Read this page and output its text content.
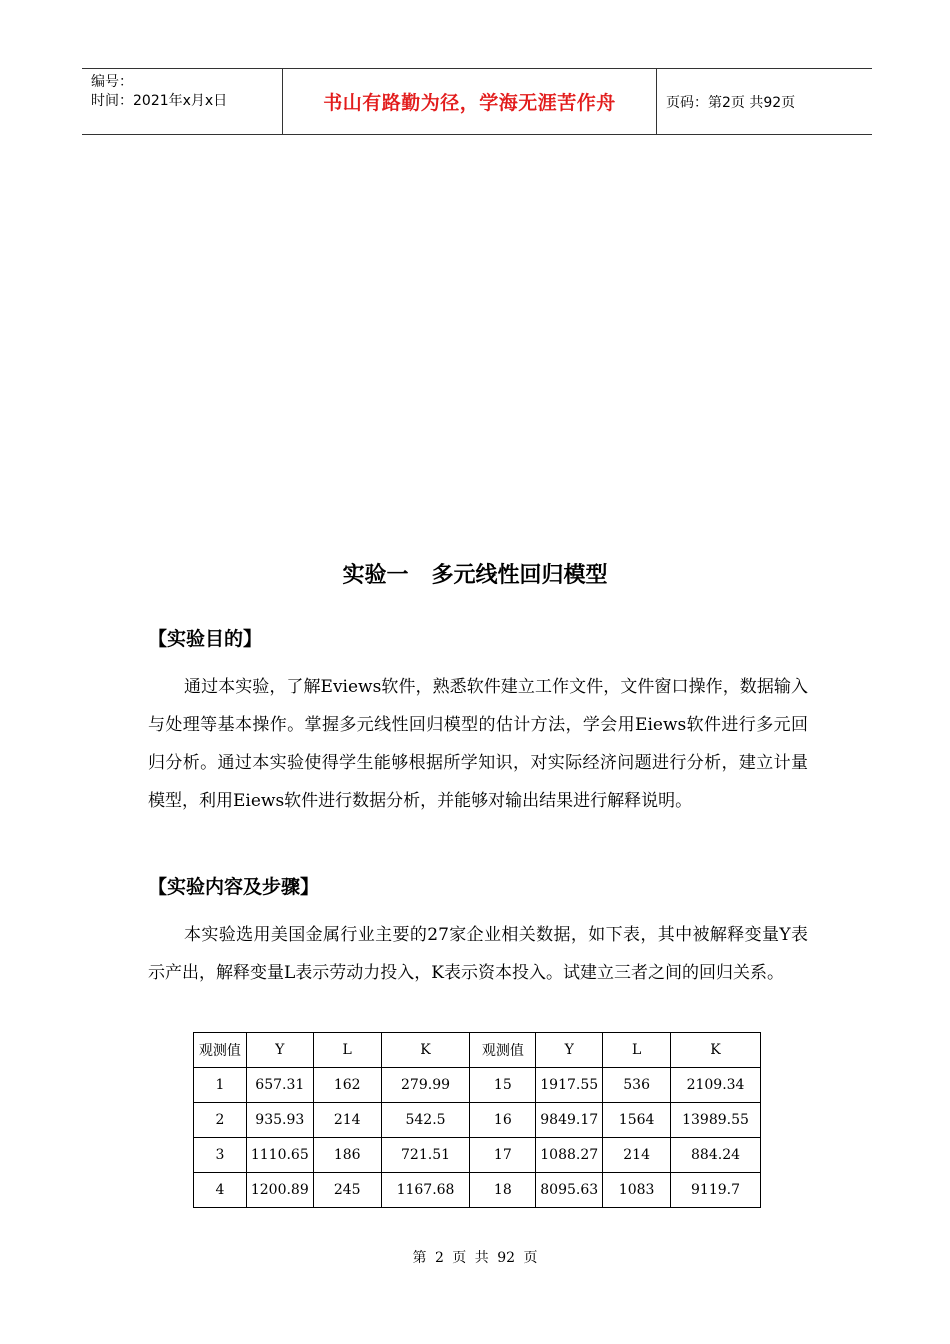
编号：
时间：2021年x月x日	书山有路勤为径，学海无涯苦作舟	页码：第2页 共92页
实验一   多元线性回归模型
【实验目的】
通过本实验，了解Eviews软件，熟悉软件建立工作文件，文件窗口操作，数据输入与处理等基本操作。掌握多元线性回归模型的估计方法，学会用Eiews软件进行多元回归分析。通过本实验使得学生能够根据所学知识，对实际经济问题进行分析，建立计量模型，利用Eiews软件进行数据分析，并能够对输出结果进行解释说明。
【实验内容及步骤】
本实验选用美国金属行业主要的27家企业相关数据，如下表，其中被解释变量Y表示产出，解释变量L表示劳动力投入，K表示资本投入。试建立三者之间的回归关系。
观测值	Y	L	K	观测值	Y	L	K
1	657.31	162	279.99	15	1917.55	536	2109.34
2	935.93	214	542.5	16	9849.17	1564	13989.55
3	1110.65	186	721.51	17	1088.27	214	884.24
4	1200.89	245	1167.68	18	8095.63	1083	9119.7
第 2 页 共 92 页
